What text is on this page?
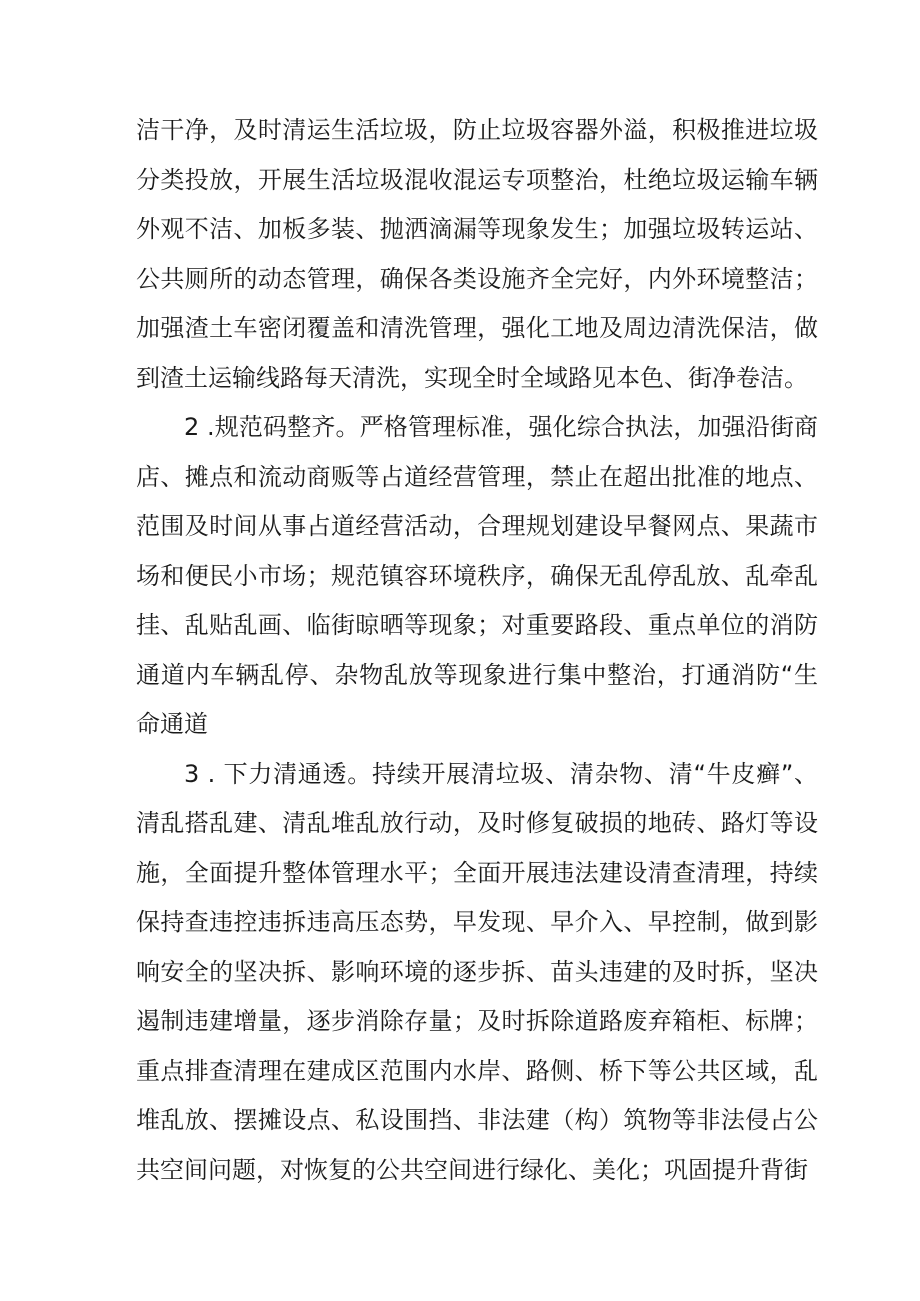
洁干净，及时清运生活垃圾，防止垃圾容器外溢，积极推进垃圾分类投放，开展生活垃圾混收混运专项整治，杜绝垃圾运输车辆外观不洁、加板多装、抛洒滴漏等现象发生；加强垃圾转运站、公共厕所的动态管理，确保各类设施齐全完好，内外环境整洁；加强渣土车密闭覆盖和清洗管理，强化工地及周边清洗保洁，做到渣土运输线路每天清洗，实现全时全域路见本色、街净卷洁。

2 .规范码整齐。严格管理标准，强化综合执法，加强沿街商店、摊点和流动商贩等占道经营管理，禁止在超出批准的地点、范围及时间从事占道经营活动，合理规划建设早餐网点、果蔬市场和便民小市场；规范镇容环境秩序，确保无乱停乱放、乱牵乱挂、乱贴乱画、临街晾晒等现象；对重要路段、重点单位的消防通道内车辆乱停、杂物乱放等现象进行集中整治，打通消防“生命通道

3 . 下力清通透。持续开展清垃圾、清杂物、清“牛皮癣”、清乱搭乱建、清乱堆乱放行动，及时修复破损的地砖、路灯等设施，全面提升整体管理水平；全面开展违法建设清查清理，持续保持查违控违拆违高压态势，早发现、早介入、早控制，做到影响安全的坚决拆、影响环境的逐步拆、苗头违建的及时拆，坚决遏制违建增量，逐步消除存量；及时拆除道路废弃箱柜、标牌；重点排查清理在建成区范围内水岸、路侧、桥下等公共区域，乱堆乱放、摆摊设点、私设围挡、非法建（构）筑物等非法侵占公共空间问题，对恢复的公共空间进行绿化、美化；巩固提升背街
